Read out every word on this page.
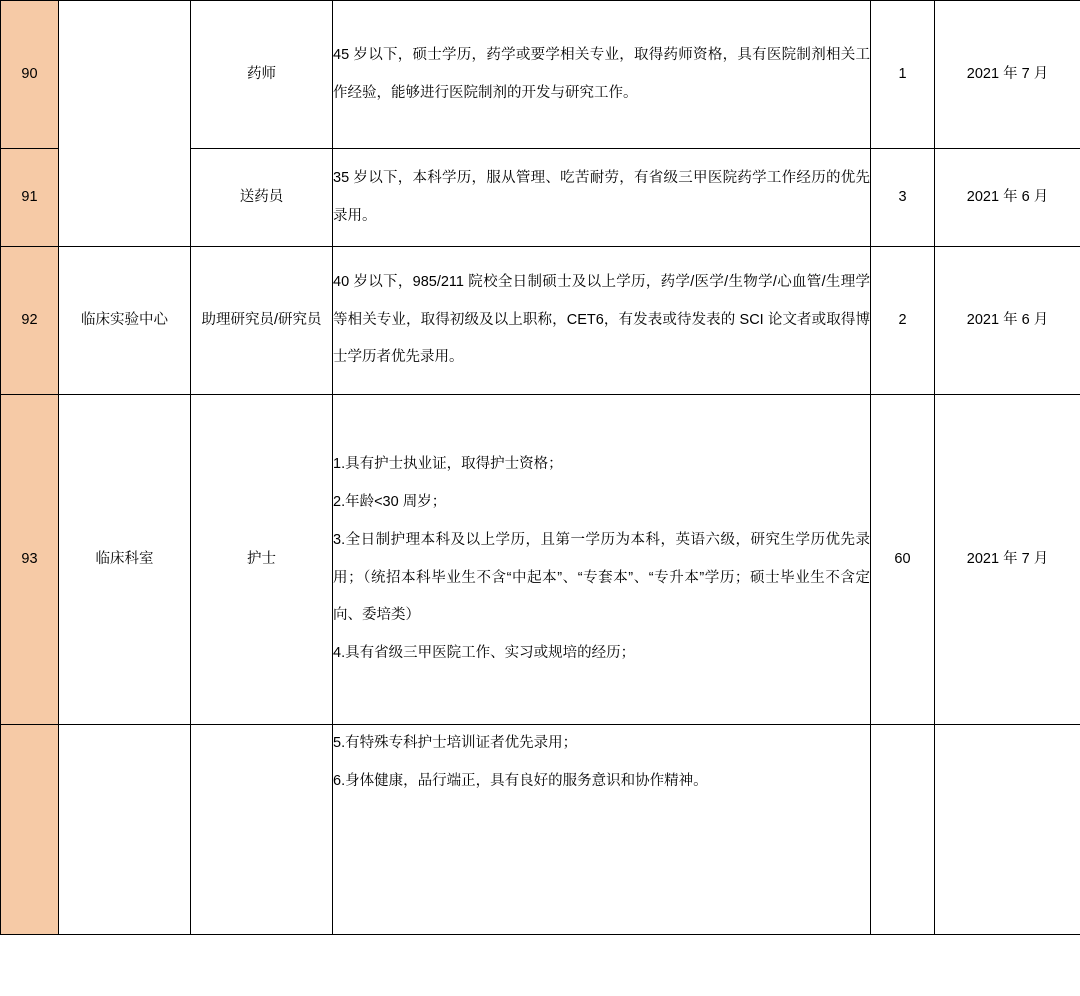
90		药师	45 岁以下，硕士学历，药学或要学相关专业，取得药师资格，具有医院制剂相关工作经验，能够进行医院制剂的开发与研究工作。	1	2021 年 7 月
91		送药员	35 岁以下，本科学历，服从管理、吃苦耐劳，有省级三甲医院药学工作经历的优先录用。	3	2021 年 6 月
92	临床实验中心	助理研究员/研究员	40 岁以下，985/211 院校全日制硕士及以上学历，药学/医学/生物学/心血管/生理学等相关专业，取得初级及以上职称，CET6，有发表或待发表的 SCI 论文者或取得博士学历者优先录用。	2	2021 年 6 月
93	临床科室	护士	1.具有护士执业证，取得护士资格；

2.年龄<30 周岁；

3.全日制护理本科及以上学历，且第一学历为本科，英语六级，研究生学历优先录用；（统招本科毕业生不含“中起本”、“专套本”、“专升本”学历；硕士毕业生不含定向、委培类）

4.具有省级三甲医院工作、实习或规培的经历；	60	2021 年 7 月

			5.有特殊专科护士培训证者优先录用；

6.身体健康，品行端正，具有良好的服务意识和协作精神。		
